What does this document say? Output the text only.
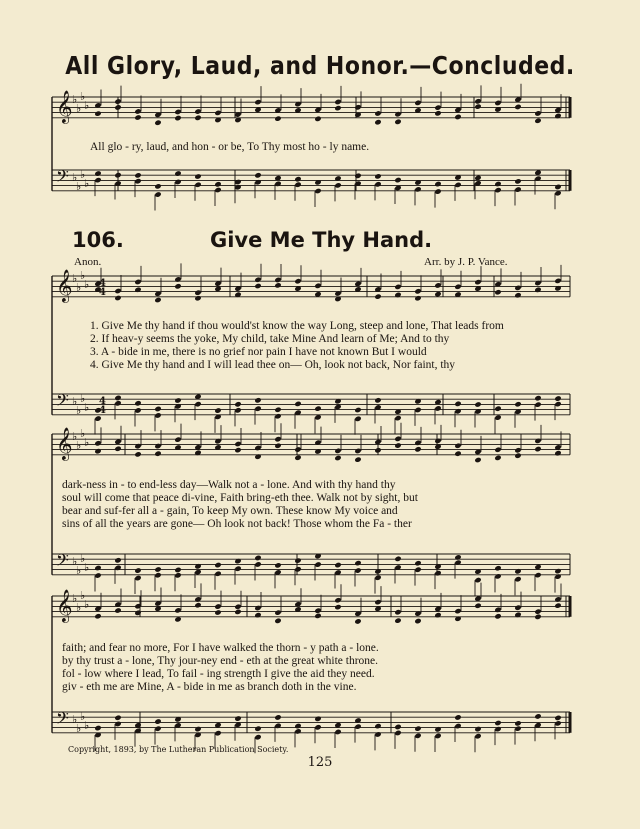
All Glory, Laud, and Honor.—Concluded.
𝄞 ♭
♭
♭
♭
𝄢 ♭
♭
♭
♭
𝄞 ♭
♭
♭
♭
𝄢 ♭
♭
♭
♭
4
4
4
4
𝄞 ♭
♭
♭
♭
𝄢 ♭
♭
♭
♭
𝄞 ♭
♭
♭
♭
𝄢 ♭
♭
♭
♭
All glo - ry, laud, and hon - or be, To Thy most ho - ly name.
106.	Give Me Thy Hand.
Anon.	Arr. by J. P. Vance.
1. Give Me thy hand if thou would'st know the way Long, steep and lone, That leads from
2. If heav-y seems the yoke, My child, take Mine And learn of Me; And to thy
3. A - bide in me, there is no grief nor pain I have not known But I would
4. Give Me thy hand and I will lead thee on— Oh, look not back, Nor faint, thy
dark-ness in - to end-less day—Walk not a - lone. And with thy hand thy
soul will come that peace di-vine, Faith bring-eth thee. Walk not by sight, but
bear and suf-fer all a - gain, To keep My own. These know My voice and
sins of all the years are gone— Oh look not back! Those whom the Fa - ther
faith; and fear no more, For I have walked the thorn - y path a - lone.
by thy trust a - lone, Thy jour-ney end - eth at the great white throne.
fol - low where I lead, To fail - ing strength I give the aid they need.
giv - eth me are Mine, A - bide in me as branch doth in the vine.
Copyright, 1893, by The Lutheran Publication Society.
125
